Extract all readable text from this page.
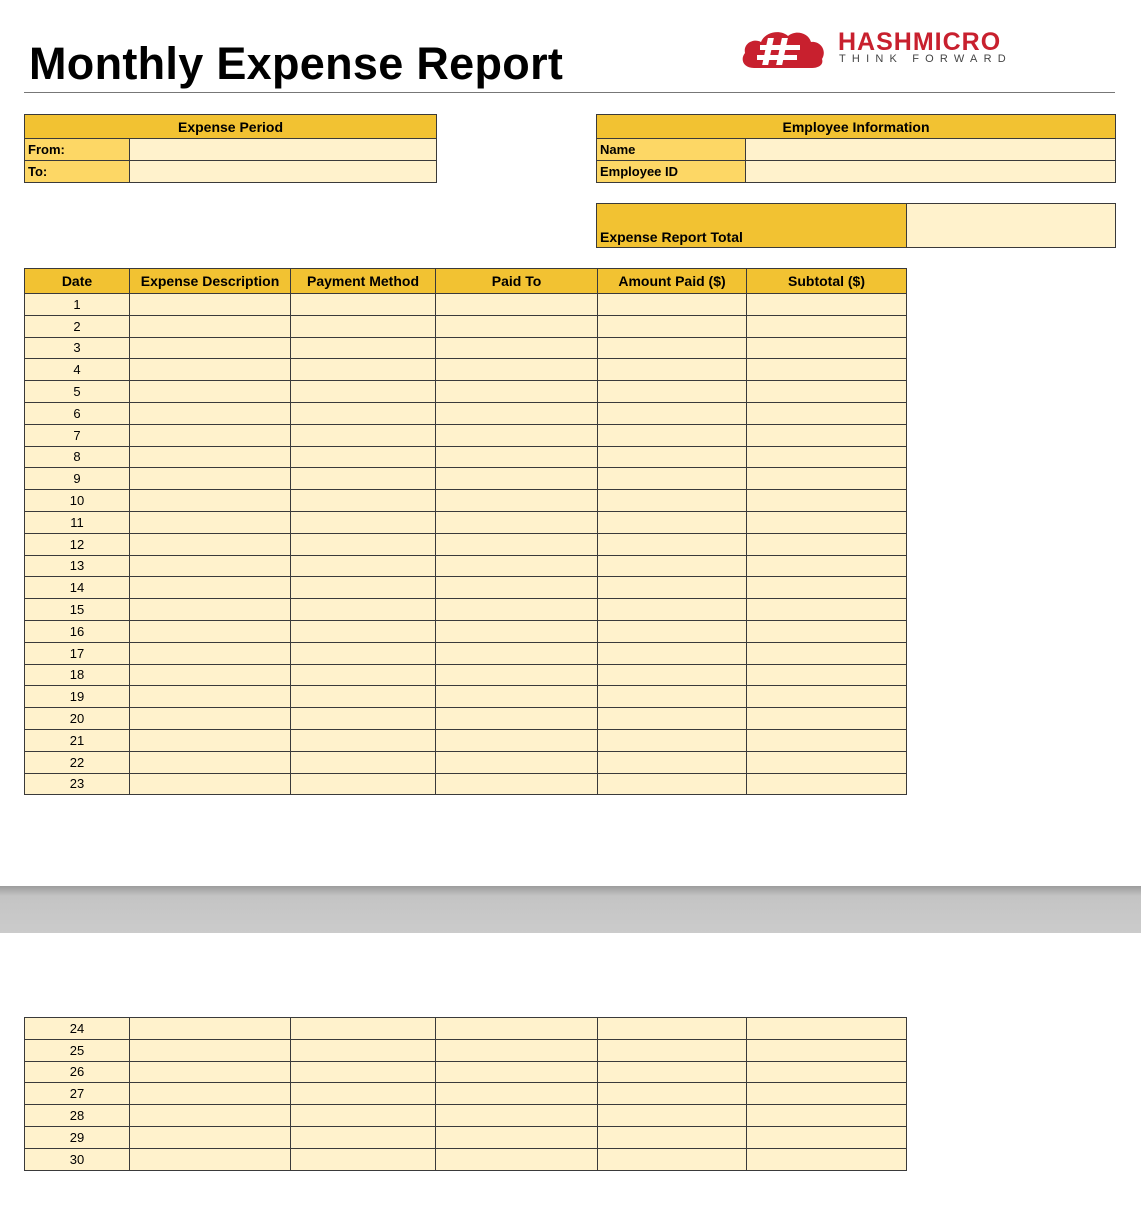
Monthly Expense Report	HASHMICRO
THINK FORWARD
Expense Period	
From:	
To:	
Employee Information	
Name	
Employee ID	
Expense Report Total	
Date	Expense Description	Payment Method	Paid To	Amount Paid ($)	Subtotal ($)
1					
2					
3					
4					
5					
6					
7					
8					
9					
10					
11					
12					
13					
14					
15					
16					
17					
18					
19					
20					
21					
22					
23					
24					
25					
26					
27					
28					
29					
30					
